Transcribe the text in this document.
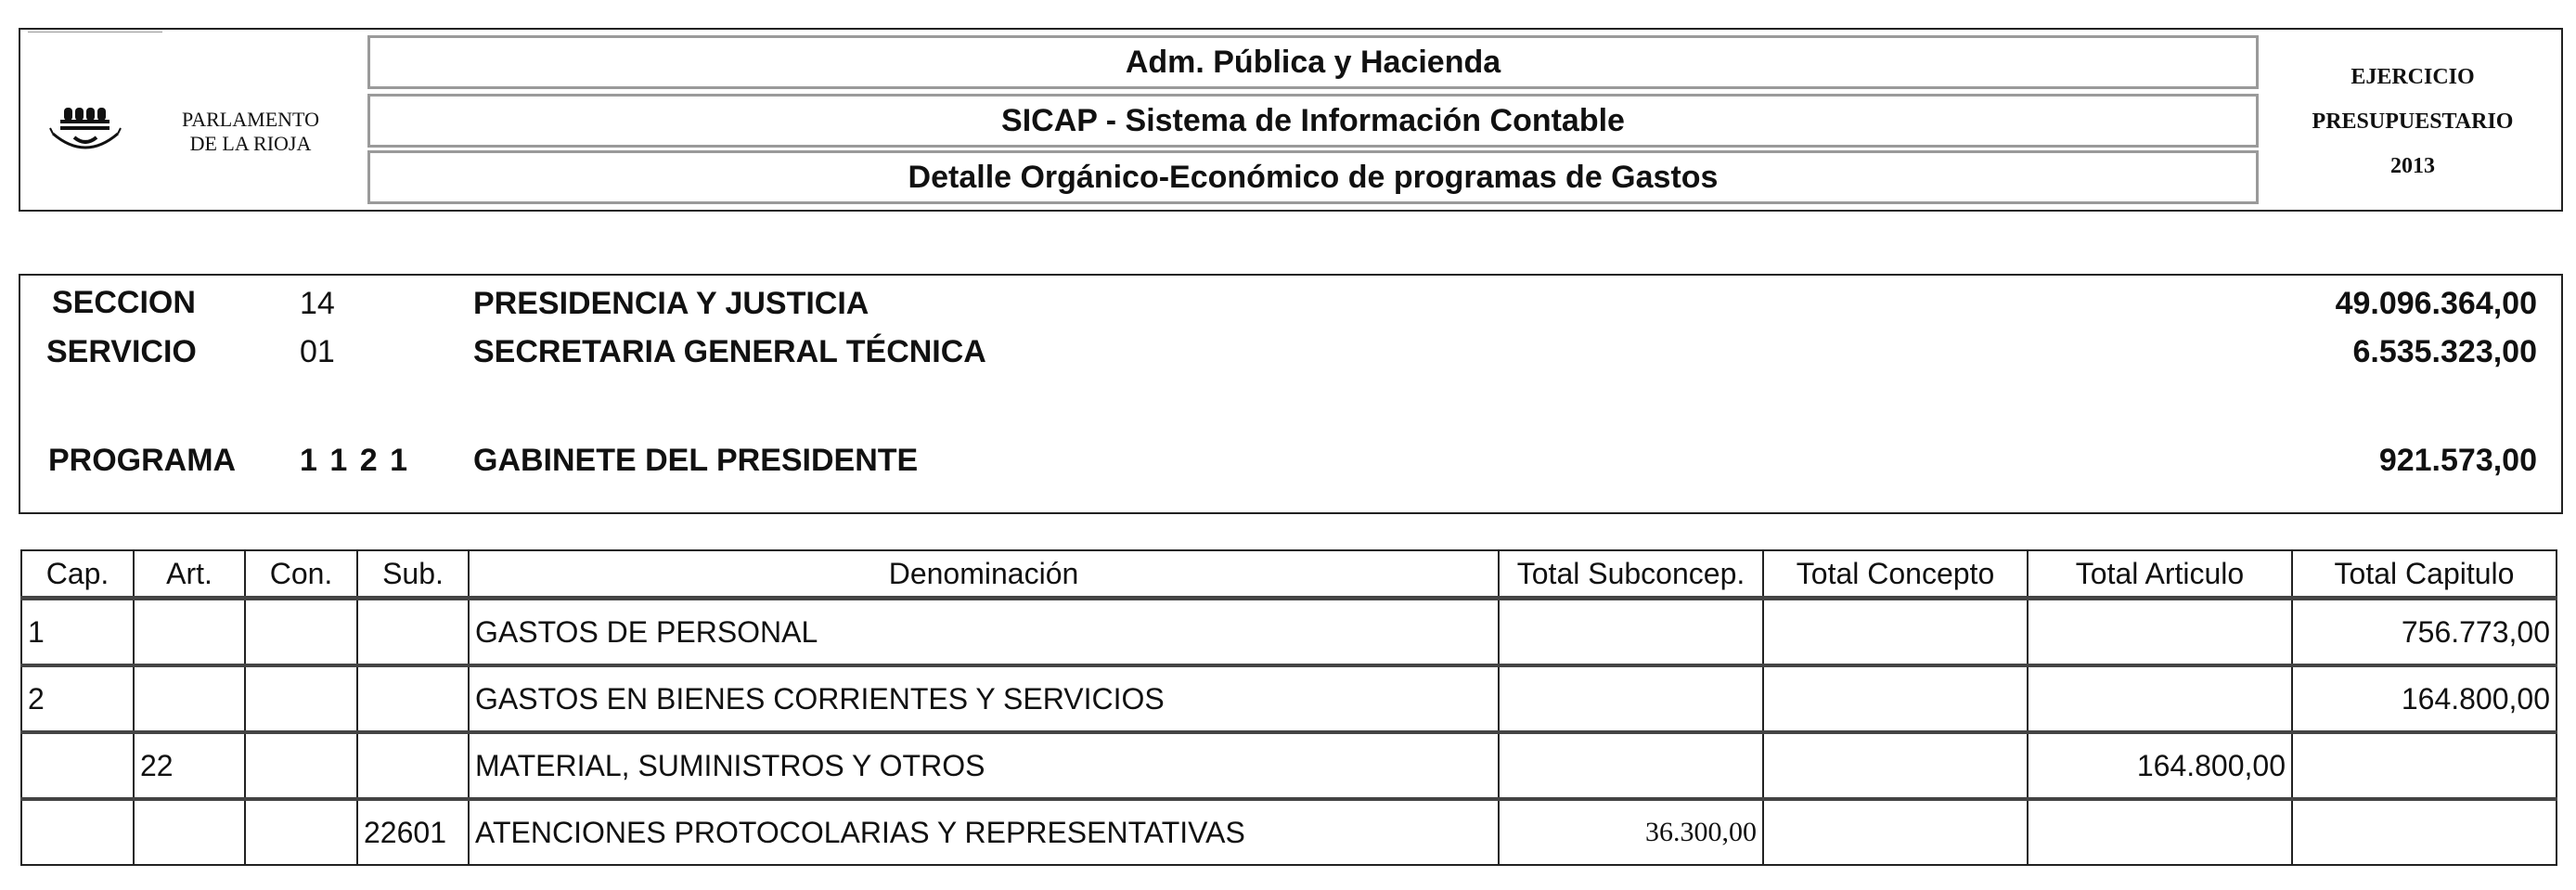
PARLAMENTO
DE LA RIOJA
Adm. Pública y Hacienda
SICAP - Sistema de Información Contable
Detalle Orgánico-Económico de programas de Gastos
EJERCICIO
PRESUPUESTARIO
2013
SECCION	14	PRESIDENCIA Y JUSTICIA	49.096.364,00
SERVICIO	01	SECRETARIA GENERAL TÉCNICA	6.535.323,00
PROGRAMA 1 1 2 1 GABINETE DEL PRESIDENTE	921.573,00
Cap.	Art.	Con.	Sub.	Denominación	Total Subconcep.	Total Concepto	Total Articulo	Total Capitulo
1				GASTOS DE PERSONAL				756.773,00
2				GASTOS EN BIENES CORRIENTES Y SERVICIOS				164.800,00
	22			MATERIAL, SUMINISTROS Y OTROS			164.800,00	
			22601	ATENCIONES PROTOCOLARIAS Y REPRESENTATIVAS	36.300,00			
